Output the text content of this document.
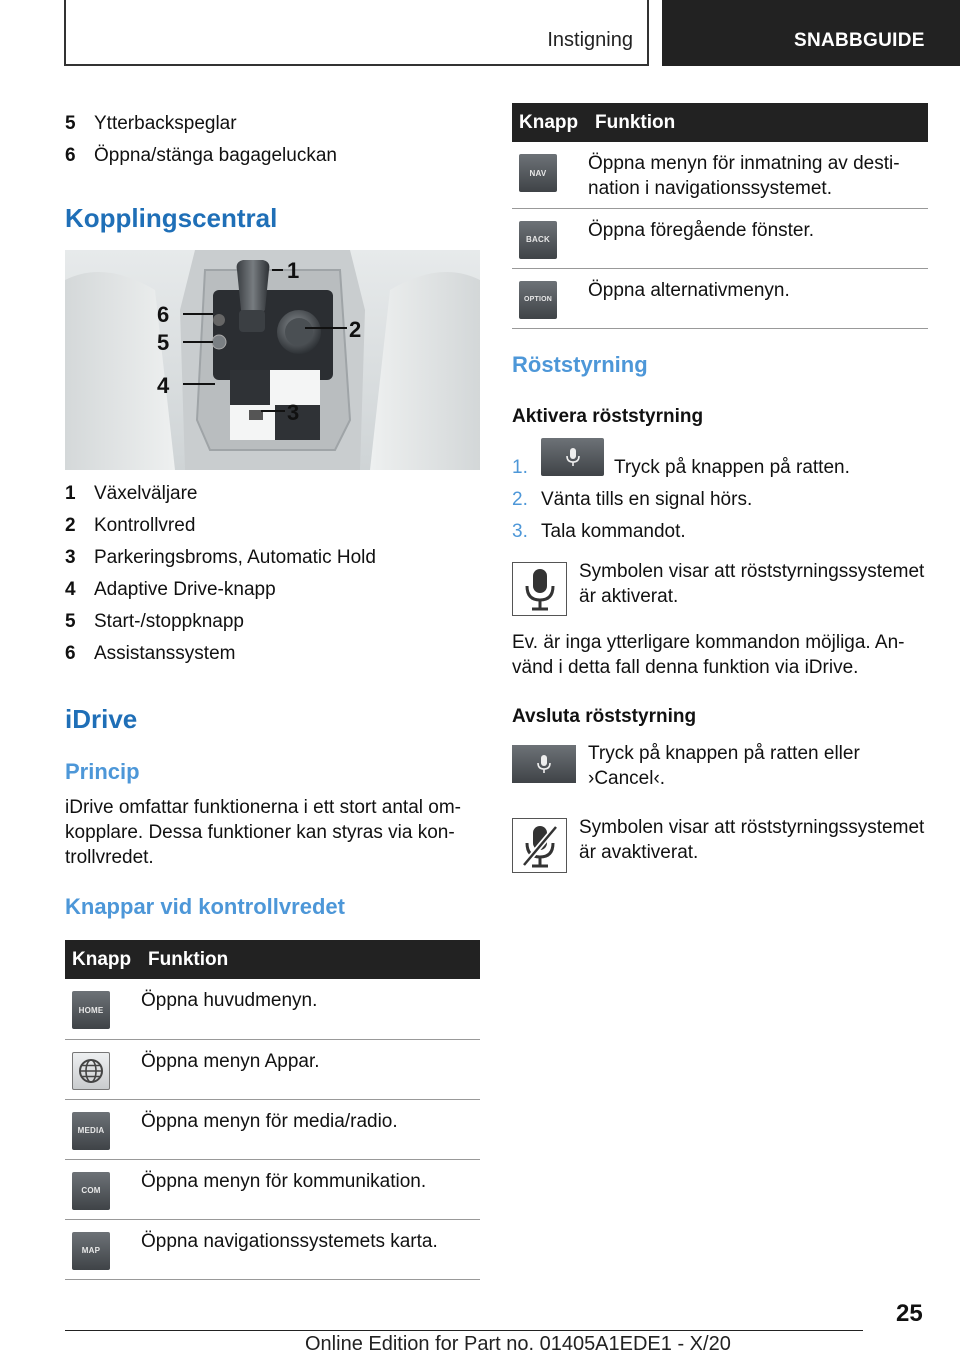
Instigning	SNABBGUIDE
5 Ytterbackspeglar
6 Öppna/stänga bagageluckan
Kopplingscentral
1 Växelväljare
2 Kontrollvred
3 Parkeringsbroms, Automatic Hold
4 Adaptive Drive-knapp
5 Start-/stoppknapp
6 Assistanssystem
iDrive
Princip

iDrive omfattar funktionerna i ett stort antal om-kopplare. Dessa funktioner kan styras via kon-trollvredet.

Knappar vid kontrollvredet
Knapp	Funktion

HOME	Öppna huvudmenyn.

	Öppna menyn Appar.

MEDIA	Öppna menyn för media/radio.

COM	Öppna menyn för kommunikation.

MAP	Öppna navigationssystemets karta.
1
2
3
4
5
6
Knapp	Funktion

NAV	Öppna menyn för inmatning av desti-nation i navigationssystemet.

BACK	Öppna föregående fönster.

OPTION	Öppna alternativmenyn.
Röststyrning
Aktivera röststyrning
1.	Tryck på knappen på ratten.
2. Vänta tills en signal hörs.
3. Tala kommandot.

Symbolen visar att röststyrningssystemet är aktiverat.

Ev. är inga ytterligare kommandon möjliga. An-vänd i detta fall denna funktion via iDrive.

Avsluta röststyrning

Tryck på knappen på ratten eller ›Cancel‹.

Symbolen visar att röststyrningssystemet är avaktiverat.

25
Online Edition for Part no. 01405A1EDE1 - X/20
